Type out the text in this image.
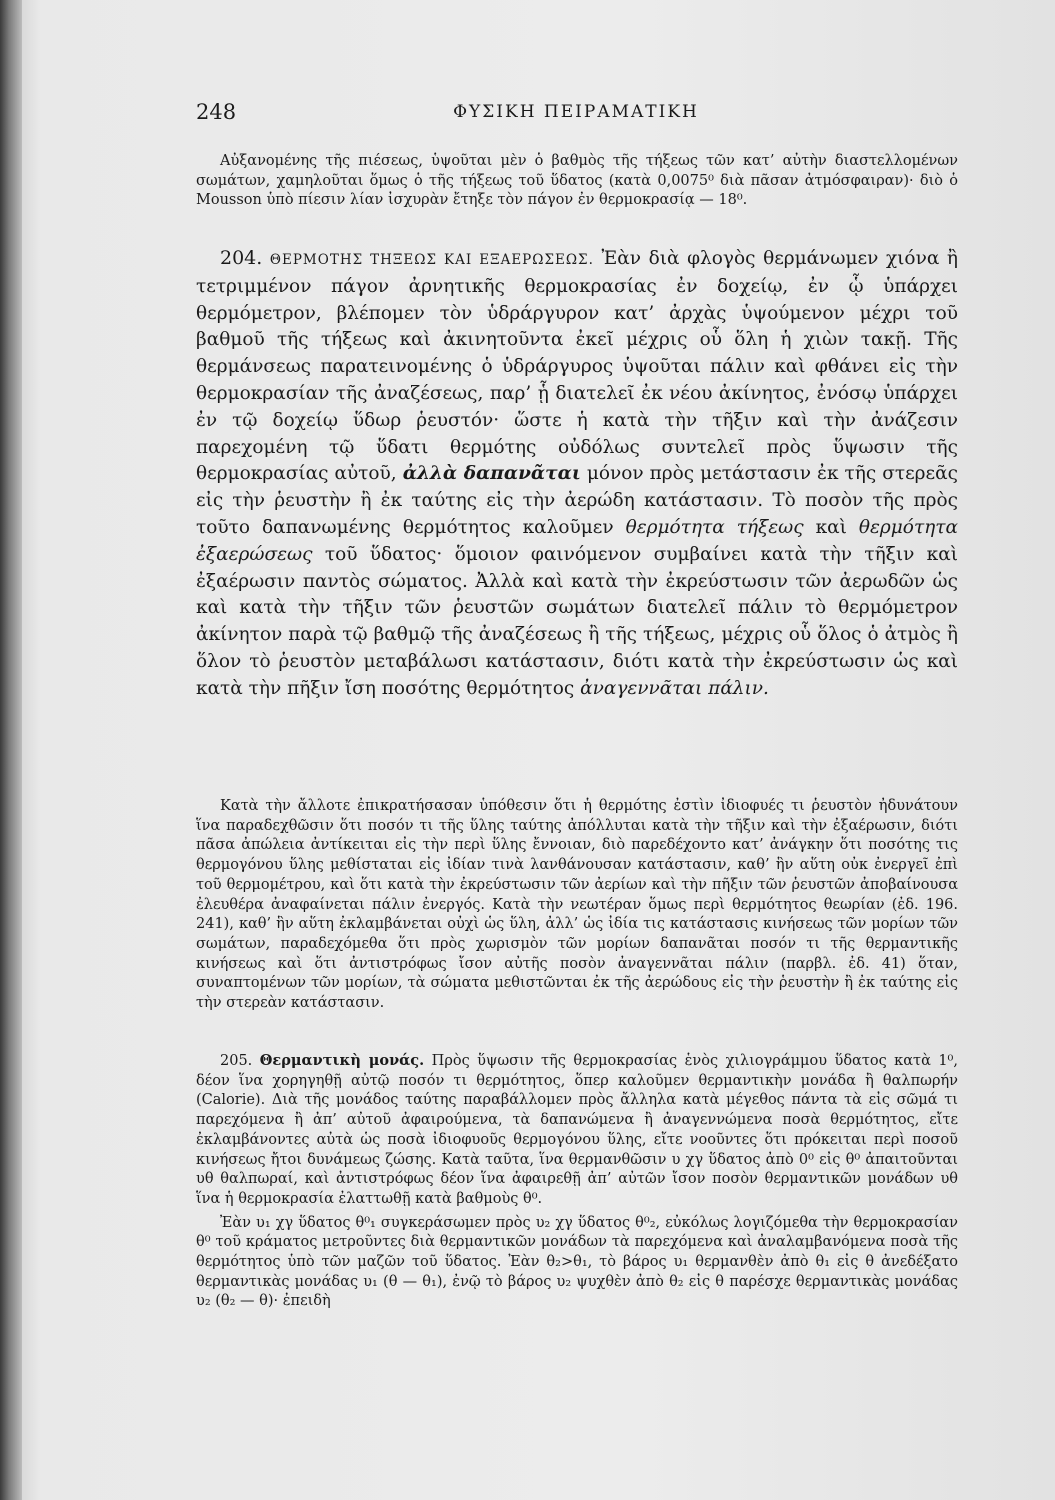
248	ΦΥΣΙΚΗ ΠΕΙΡΑΜΑΤΙΚΗ

Αὐξανομένης τῆς πιέσεως, ὑψοῦται μὲν ὁ βαθμὸς τῆς τήξεως τῶν κατ’ αὐτὴν διαστελλομένων σωμάτων, χαμηλοῦται ὅμως ὁ τῆς τήξεως τοῦ ὕδατος (κατὰ 0,0075⁰ διὰ πᾶσαν ἀτμόσφαιραν)· διὸ ὁ Mousson ὑπὸ πίεσιν λίαν ἰσχυρὰν ἔτηξε τὸν πάγον ἐν θερμοκρασίᾳ — 18⁰.

204. ΘΕΡΜΟΤΗΣ ΤΗΞΕΩΣ ΚΑΙ ΕΞΑΕΡΩΣΕΩΣ. Ἐὰν διὰ φλογὸς θερμάνωμεν χιόνα ἢ τετριμμένον πάγον ἀρνητικῆς θερμοκρασίας ἐν δοχείῳ, ἐν ᾧ ὑπάρχει θερμόμετρον, βλέπομεν τὸν ὑδράργυρον κατ’ ἀρχὰς ὑψούμενον μέχρι τοῦ βαθμοῦ τῆς τήξεως καὶ ἀκινητοῦντα ἐκεῖ μέχρις οὗ ὅλη ἡ χιὼν τακῇ. Τῆς θερμάνσεως παρατεινομένης ὁ ὑδράργυρος ὑψοῦται πάλιν καὶ φθάνει εἰς τὴν θερμοκρασίαν τῆς ἀναζέσεως, παρ’ ᾗ διατελεῖ ἐκ νέου ἀκίνητος, ἐνόσῳ ὑπάρχει ἐν τῷ δοχείῳ ὕδωρ ῥευστόν· ὥστε ἡ κατὰ τὴν τῆξιν καὶ τὴν ἀνάζεσιν παρεχομένη τῷ ὕδατι θερμότης οὐδόλως συντελεῖ πρὸς ὕψωσιν τῆς θερμοκρασίας αὐτοῦ, ἀλλὰ δαπανᾶται μόνον πρὸς μετάστασιν ἐκ τῆς στερεᾶς εἰς τὴν ῥευστὴν ἢ ἐκ ταύτης εἰς τὴν ἀερώδη κατάστασιν. Τὸ ποσὸν τῆς πρὸς τοῦτο δαπανωμένης θερμότητος καλοῦμεν θερμότητα τήξεως καὶ θερμότητα ἐξαερώσεως τοῦ ὕδατος· ὅμοιον φαινόμενον συμβαίνει κατὰ τὴν τῆξιν καὶ ἐξαέρωσιν παντὸς σώματος. Ἀλλὰ καὶ κατὰ τὴν ἐκρεύστωσιν τῶν ἀερωδῶν ὡς καὶ κατὰ τὴν τῆξιν τῶν ῥευστῶν σωμάτων διατελεῖ πάλιν τὸ θερμόμετρον ἀκίνητον παρὰ τῷ βαθμῷ τῆς ἀναζέσεως ἢ τῆς τήξεως, μέχρις οὗ ὅλος ὁ ἀτμὸς ἢ ὅλον τὸ ῥευστὸν μεταβάλωσι κατάστασιν, διότι κατὰ τὴν ἐκρεύστωσιν ὡς καὶ κατὰ τὴν πῆξιν ἴση ποσότης θερμότητος ἀναγεννᾶται πάλιν.

Κατὰ τὴν ἄλλοτε ἐπικρατήσασαν ὑπόθεσιν ὅτι ἡ θερμότης ἐστὶν ἰδιοφυές τι ῥευστὸν ἠδυνάτουν ἵνα παραδεχθῶσιν ὅτι ποσόν τι τῆς ὕλης ταύτης ἀπόλλυται κατὰ τὴν τῆξιν καὶ τὴν ἐξαέρωσιν, διότι πᾶσα ἀπώλεια ἀντίκειται εἰς τὴν περὶ ὕλης ἔννοιαν, διὸ παρεδέχοντο κατ’ ἀνάγκην ὅτι ποσότης τις θερμογόνου ὕλης μεθίσταται εἰς ἰδίαν τινὰ λανθάνουσαν κατάστασιν, καθ’ ἣν αὕτη οὐκ ἐνεργεῖ ἐπὶ τοῦ θερμομέτρου, καὶ ὅτι κατὰ τὴν ἐκρεύστωσιν τῶν ἀερίων καὶ τὴν πῆξιν τῶν ῥευστῶν ἀποβαίνουσα ἐλευθέρα ἀναφαίνεται πάλιν ἐνεργός. Κατὰ τὴν νεωτέραν ὅμως περὶ θερμότητος θεωρίαν (ἐδ. 196. 241), καθ’ ἣν αὕτη ἐκλαμβάνεται οὐχὶ ὡς ὕλη, ἀλλ’ ὡς ἰδία τις κατάστασις κινήσεως τῶν μορίων τῶν σωμάτων, παραδεχόμεθα ὅτι πρὸς χωρισμὸν τῶν μορίων δαπανᾶται ποσόν τι τῆς θερμαντικῆς κινήσεως καὶ ὅτι ἀντιστρόφως ἴσον αὐτῆς ποσὸν ἀναγεννᾶται πάλιν (παρβλ. ἐδ. 41) ὅταν, συναπτομένων τῶν μορίων, τὰ σώματα μεθιστῶνται ἐκ τῆς ἀερώδους εἰς τὴν ῥευστὴν ἢ ἐκ ταύτης εἰς τὴν στερεὰν κατάστασιν.

205. Θερμαντικὴ μονάς. Πρὸς ὕψωσιν τῆς θερμοκρασίας ἑνὸς χιλιογράμμου ὕδατος κατὰ 1⁰, δέον ἵνα χορηγηθῇ αὐτῷ ποσόν τι θερμότητος, ὅπερ καλοῦμεν θερμαντικὴν μονάδα ἢ θαλπωρήν (Calorie). Διὰ τῆς μονάδος ταύτης παραβάλλομεν πρὸς ἄλληλα κατὰ μέγεθος πάντα τὰ εἰς σῶμά τι παρεχόμενα ἢ ἀπ’ αὐτοῦ ἀφαιρούμενα, τὰ δαπανώμενα ἢ ἀναγεννώμενα ποσὰ θερμότητος, εἴτε ἐκλαμβάνοντες αὐτὰ ὡς ποσὰ ἰδιοφυοῦς θερμογόνου ὕλης, εἴτε νοοῦντες ὅτι πρόκειται περὶ ποσοῦ κινήσεως ἤτοι δυνάμεως ζώσης. Κατὰ ταῦτα, ἵνα θερμανθῶσιν υ χγ ὕδατος ἀπὸ 0⁰ εἰς θ⁰ ἀπαιτοῦνται υθ θαλπωραί, καὶ ἀντιστρόφως δέον ἵνα ἀφαιρεθῇ ἀπ’ αὐτῶν ἴσον ποσὸν θερμαντικῶν μονάδων υθ ἵνα ἡ θερμοκρασία ἐλαττωθῇ κατὰ βαθμοὺς θ⁰.

Ἐὰν υ₁ χγ ὕδατος θ⁰₁ συγκεράσωμεν πρὸς υ₂ χγ ὕδατος θ⁰₂, εὐκόλως λογιζόμεθα τὴν θερμοκρασίαν θ⁰ τοῦ κράματος μετροῦντες διὰ θερμαντικῶν μονάδων τὰ παρεχόμενα καὶ ἀναλαμβανόμενα ποσὰ τῆς θερμότητος ὑπὸ τῶν μαζῶν τοῦ ὕδατος. Ἐὰν θ₂>θ₁, τὸ βάρος υ₁ θερμανθὲν ἀπὸ θ₁ εἰς θ ἀνεδέξατο θερμαντικὰς μονάδας υ₁ (θ — θ₁), ἐνῷ τὸ βάρος υ₂ ψυχθὲν ἀπὸ θ₂ εἰς θ παρέσχε θερμαντικὰς μονάδας υ₂ (θ₂ — θ)· ἐπειδὴ
